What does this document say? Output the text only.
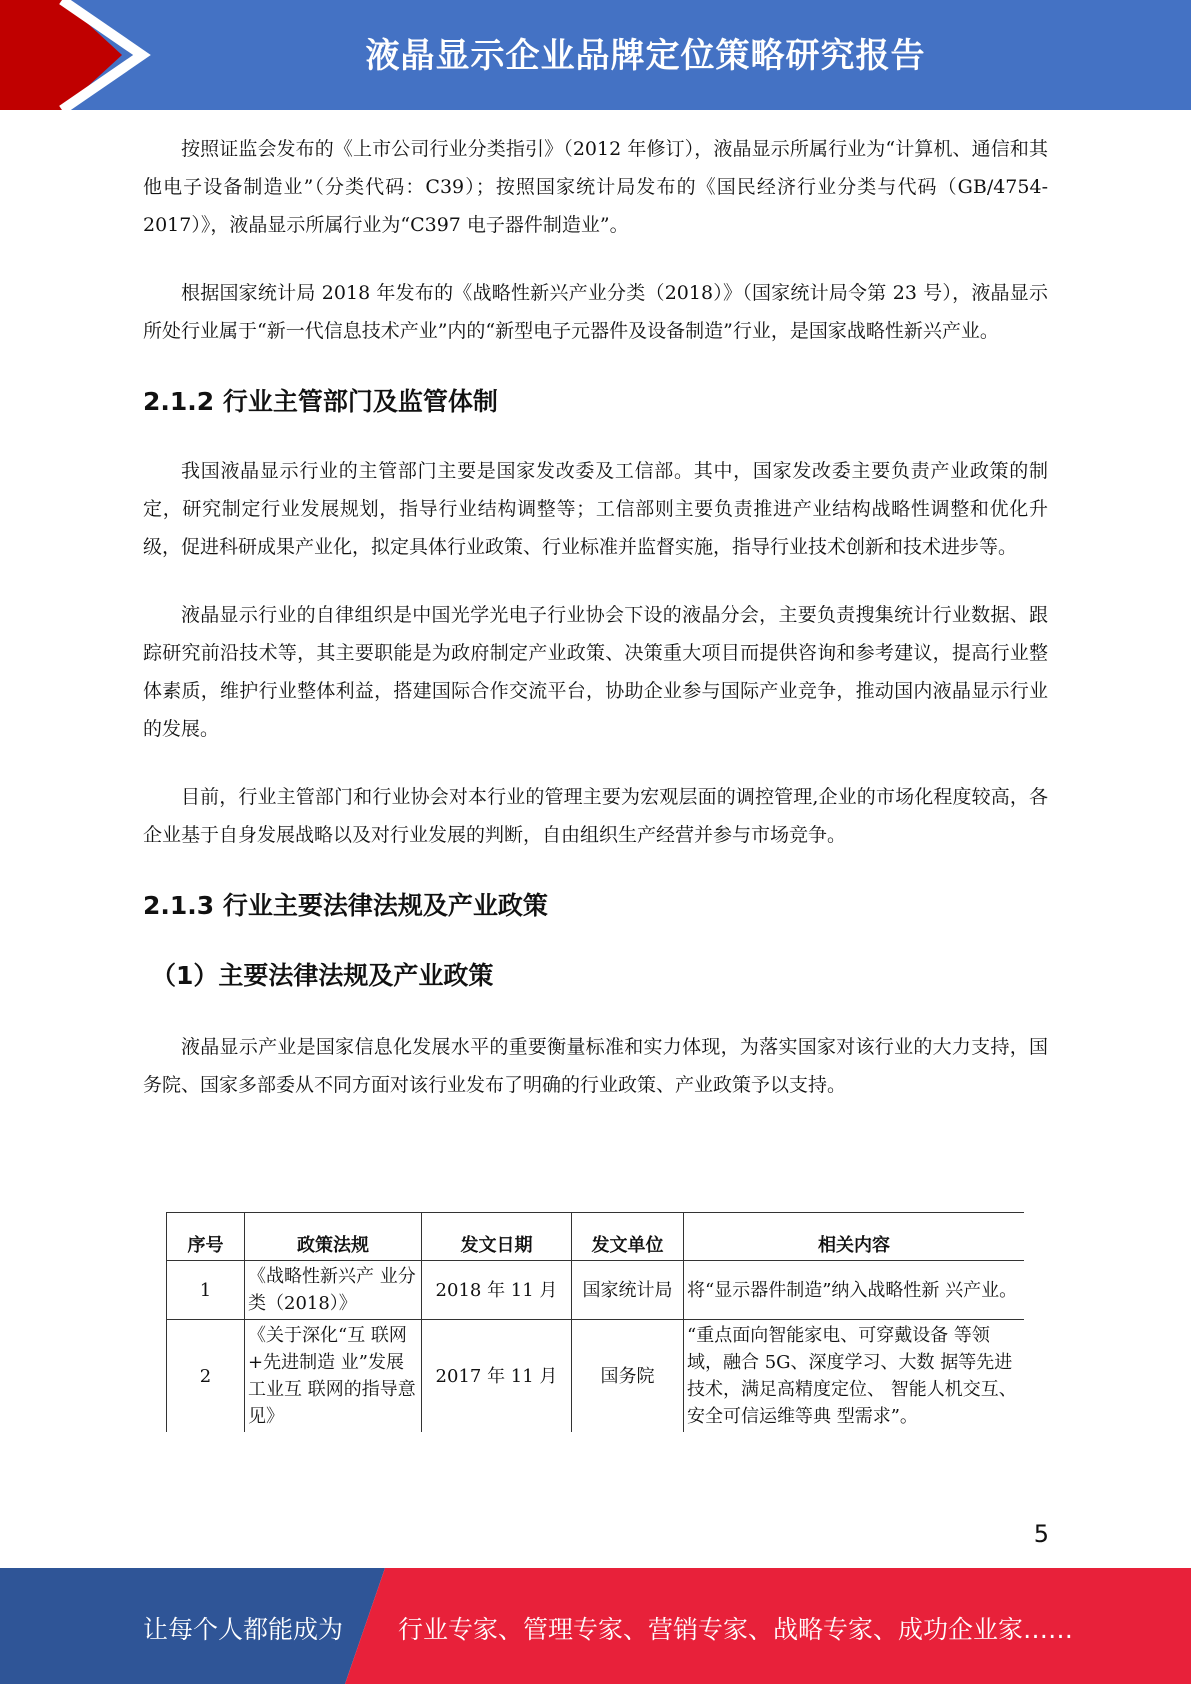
液晶显示企业品牌定位策略研究报告

按照证监会发布的《上市公司行业分类指引》（2012 年修订），液晶显示所属行业为“计算机、通信和其他电子设备制造业”（分类代码：C39）；按照国家统计局发布的《国民经济行业分类与代码（GB/4754-2017）》，液晶显示所属行业为“C397 电子器件制造业”。

根据国家统计局 2018 年发布的《战略性新兴产业分类（2018）》（国家统计局令第 23 号），液晶显示所处行业属于“新一代信息技术产业”内的“新型电子元器件及设备制造”行业，是国家战略性新兴产业。

2.1.2 行业主管部门及监管体制

我国液晶显示行业的主管部门主要是国家发改委及工信部。其中，国家发改委主要负责产业政策的制定，研究制定行业发展规划，指导行业结构调整等；工信部则主要负责推进产业结构战略性调整和优化升级，促进科研成果产业化，拟定具体行业政策、行业标准并监督实施，指导行业技术创新和技术进步等。

液晶显示行业的自律组织是中国光学光电子行业协会下设的液晶分会，主要负责搜集统计行业数据、跟踪研究前沿技术等，其主要职能是为政府制定产业政策、决策重大项目而提供咨询和参考建议，提高行业整体素质，维护行业整体利益，搭建国际合作交流平台，协助企业参与国际产业竞争，推动国内液晶显示行业的发展。

目前，行业主管部门和行业协会对本行业的管理主要为宏观层面的调控管理,企业的市场化程度较高，各企业基于自身发展战略以及对行业发展的判断，自由组织生产经营并参与市场竞争。

2.1.3 行业主要法律法规及产业政策
（1）主要法律法规及产业政策

液晶显示产业是国家信息化发展水平的重要衡量标准和实力体现，为落实国家对该行业的大力支持，国务院、国家多部委从不同方面对该行业发布了明确的行业政策、产业政策予以支持。

序号	政策法规	发文日期	发文单位	相关内容
1	《战略性新兴产 业分类（2018）》	2018 年 11 月	国家统计局	将“显示器件制造”纳入战略性新 兴产业。
2	《关于深化“互 联网+先进制造 业”发展工业互 联网的指导意 见》	2017 年 11 月	国务院	“重点面向智能家电、可穿戴设备 等领域，融合 5G、深度学习、大数 据等先进技术，满足高精度定位、 智能人机交互、安全可信运维等典 型需求”。
5
让每个人都能成为 行业专家、管理专家、营销专家、战略专家、成功企业家……
